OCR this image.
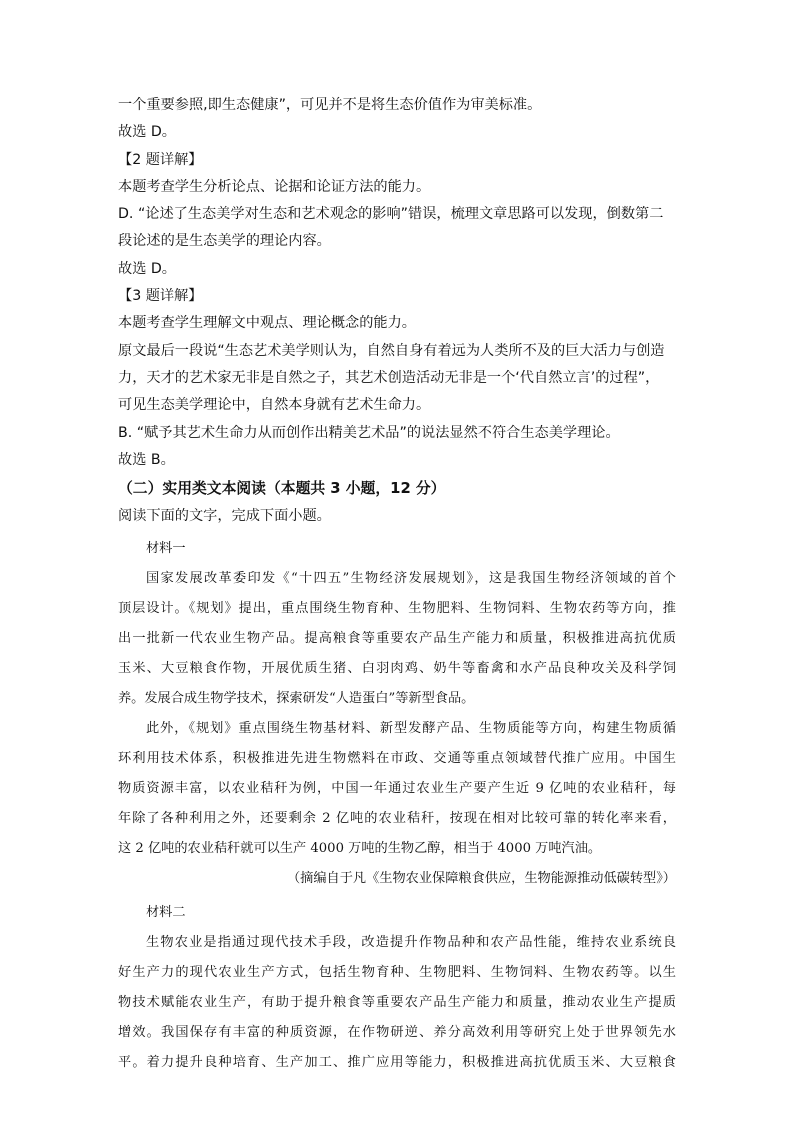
一个重要参照,即生态健康”，可见并不是将生态价值作为审美标准。

故选 D。

【2 题详解】

本题考查学生分析论点、论据和论证方法的能力。

D. “论述了生态美学对生态和艺术观念的影响”错误，梳理文章思路可以发现，倒数第二

段论述的是生态美学的理论内容。

故选 D。

【3 题详解】

本题考查学生理解文中观点、理论概念的能力。

原文最后一段说“生态艺术美学则认为，自然自身有着远为人类所不及的巨大活力与创造

力，天才的艺术家无非是自然之子，其艺术创造活动无非是一个‘代自然立言’的过程”，

可见生态美学理论中，自然本身就有艺术生命力。

B. “赋予其艺术生命力从而创作出精美艺术品”的说法显然不符合生态美学理论。

故选 B。

（二）实用类文本阅读（本题共 3 小题，12 分）

阅读下面的文字，完成下面小题。

材料一

国家发展改革委印发《“十四五”生物经济发展规划》，这是我国生物经济领域的首个

顶层设计。《规划》提出，重点围绕生物育种、生物肥料、生物饲料、生物农药等方向，推

出一批新一代农业生物产品。提高粮食等重要农产品生产能力和质量，积极推进高抗优质

玉米、大豆粮食作物，开展优质生猪、白羽肉鸡、奶牛等畜禽和水产品良种攻关及科学饲

养。发展合成生物学技术，探索研发“人造蛋白”等新型食品。

此外，《规划》重点围绕生物基材料、新型发酵产品、生物质能等方向，构建生物质循

环利用技术体系，积极推进先进生物燃料在市政、交通等重点领域替代推广应用。中国生

物质资源丰富，以农业秸秆为例，中国一年通过农业生产要产生近 9 亿吨的农业秸秆，每

年除了各种利用之外，还要剩余 2 亿吨的农业秸秆，按现在相对比较可靠的转化率来看，

这 2 亿吨的农业秸秆就可以生产 4000 万吨的生物乙醇，相当于 4000 万吨汽油。

（摘编自于凡《生物农业保障粮食供应，生物能源推动低碳转型》）

材料二

生物农业是指通过现代技术手段，改造提升作物品种和农产品性能，维持农业系统良

好生产力的现代农业生产方式，包括生物育种、生物肥料、生物饲料、生物农药等。以生

物技术赋能农业生产，有助于提升粮食等重要农产品生产能力和质量，推动农业生产提质

增效。我国保存有丰富的种质资源，在作物研逆、养分高效利用等研究上处于世界领先水

平。着力提升良种培育、生产加工、推广应用等能力，积极推进高抗优质玉米、大豆粮食
